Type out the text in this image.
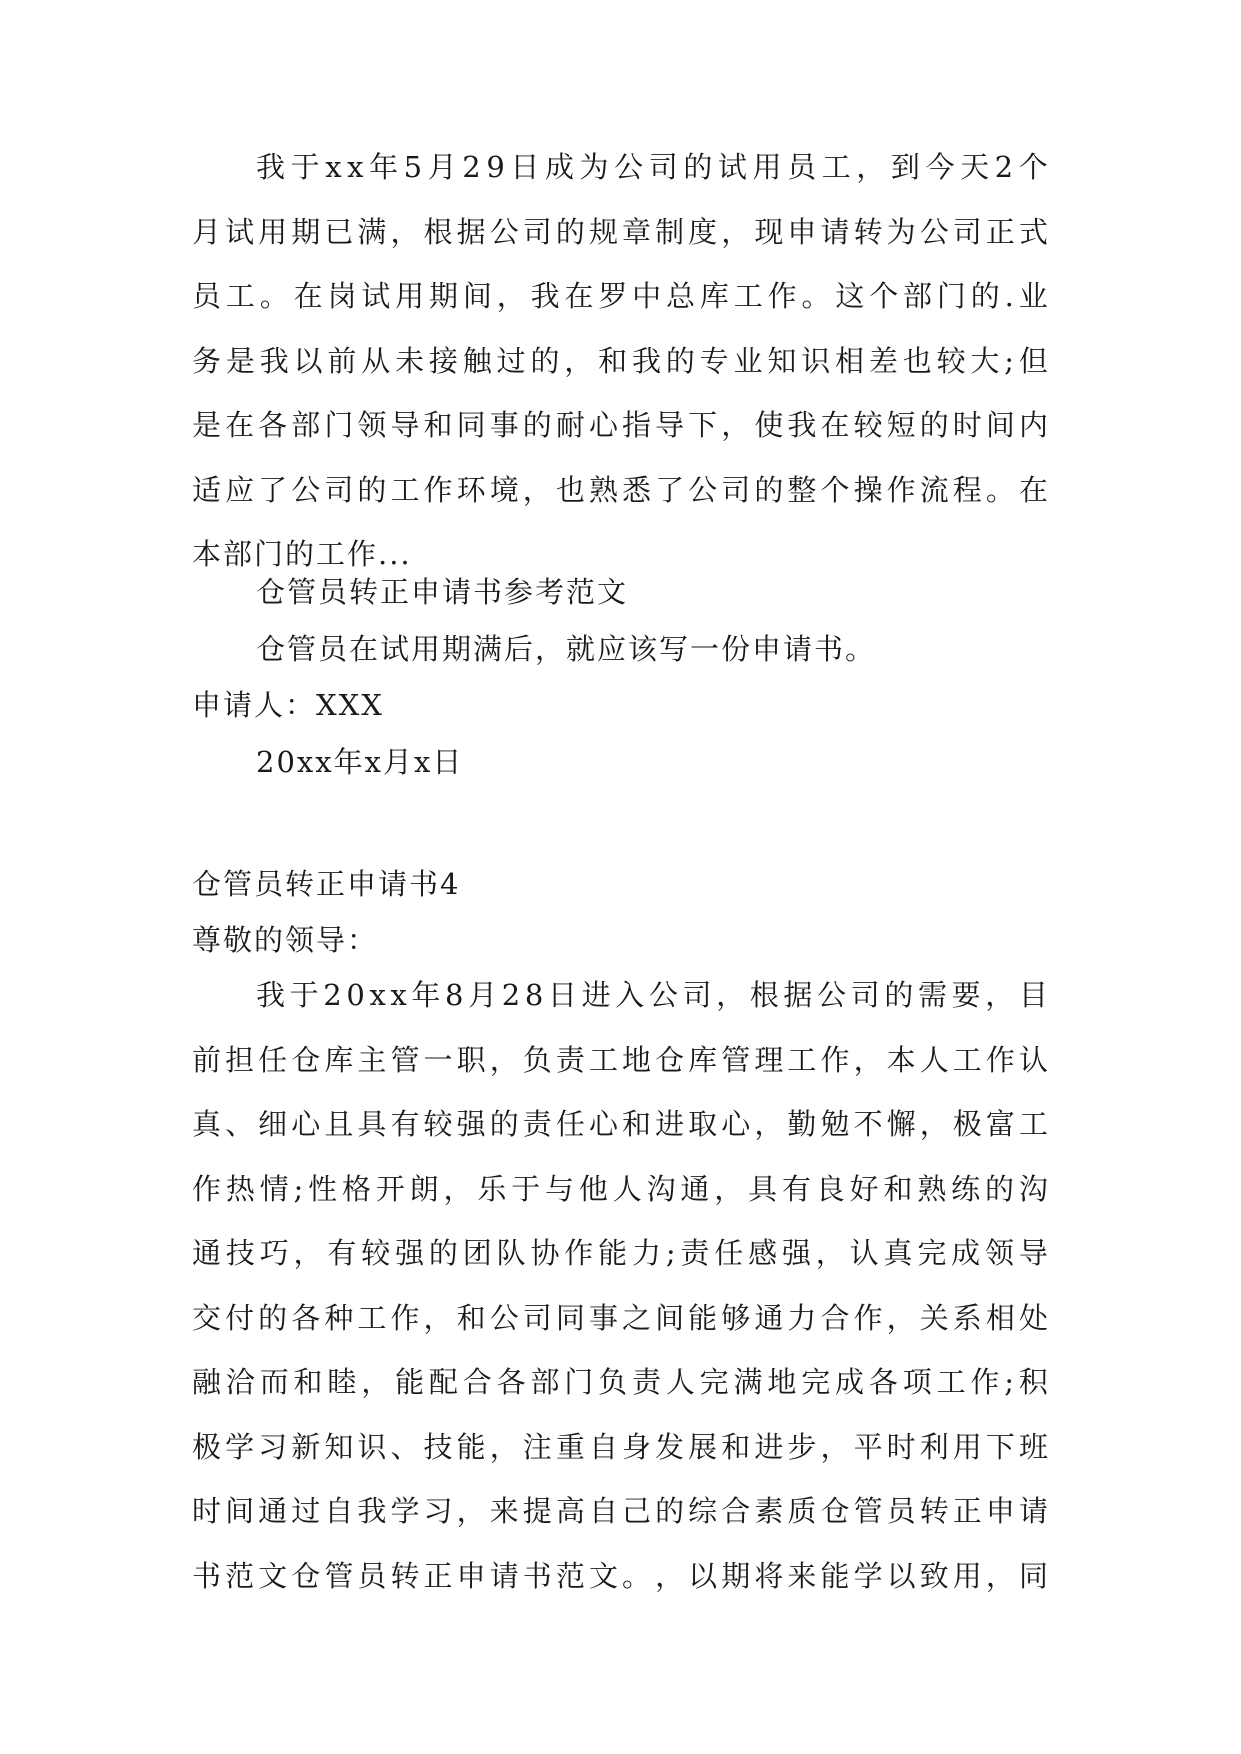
我 于 x x 年 5 月 2 9 日 成 为 公 司 的 试 用 员 工 ， 到 今 天 2 个
月 试 用 期 已 满 ， 根 据 公 司 的 规 章 制 度 ， 现 申 请 转 为 公 司 正 式
员 工 。 在 岗 试 用 期 间 ， 我 在 罗 中 总 库 工 作 。 这 个 部 门 的 . 业
务 是 我 以 前 从 未 接 触 过 的 ， 和 我 的 专 业 知 识 相 差 也 较 大 ; 但
是 在 各 部 门 领 导 和 同 事 的 耐 心 指 导 下 ， 使 我 在 较 短 的 时 间 内
适 应 了 公 司 的 工 作 环 境 ， 也 熟 悉 了 公 司 的 整 个 操 作 流 程 。 在
本部门的工作...
仓管员转正申请书参考范文
仓管员在试用期满后，就应该写一份申请书。
申请人：XXX
20xx年x月x日
仓管员转正申请书4
尊敬的领导：
我 于 2 0 x x 年 8 月 2 8 日 进 入 公 司 ， 根 据 公 司 的 需 要 ， 目
前 担 任 仓 库 主 管 一 职 ， 负 责 工 地 仓 库 管 理 工 作 ， 本 人 工 作 认
真 、 细 心 且 具 有 较 强 的 责 任 心 和 进 取 心 ， 勤 勉 不 懈 ， 极 富 工
作 热 情 ; 性 格 开 朗 ， 乐 于 与 他 人 沟 通 ， 具 有 良 好 和 熟 练 的 沟
通 技 巧 ， 有 较 强 的 团 队 协 作 能 力 ; 责 任 感 强 ， 认 真 完 成 领 导
交 付 的 各 种 工 作 ， 和 公 司 同 事 之 间 能 够 通 力 合 作 ， 关 系 相 处
融 洽 而 和 睦 ， 能 配 合 各 部 门 负 责 人 完 满 地 完 成 各 项 工 作 ; 积
极 学 习 新 知 识 、 技 能 ， 注 重 自 身 发 展 和 进 步 ， 平 时 利 用 下 班
时 间 通 过 自 我 学 习 ， 来 提 高 自 己 的 综 合 素 质 仓 管 员 转 正 申 请
书 范 文 仓 管 员 转 正 申 请 书 范 文 。 ， 以 期 将 来 能 学 以 致 用 ， 同
